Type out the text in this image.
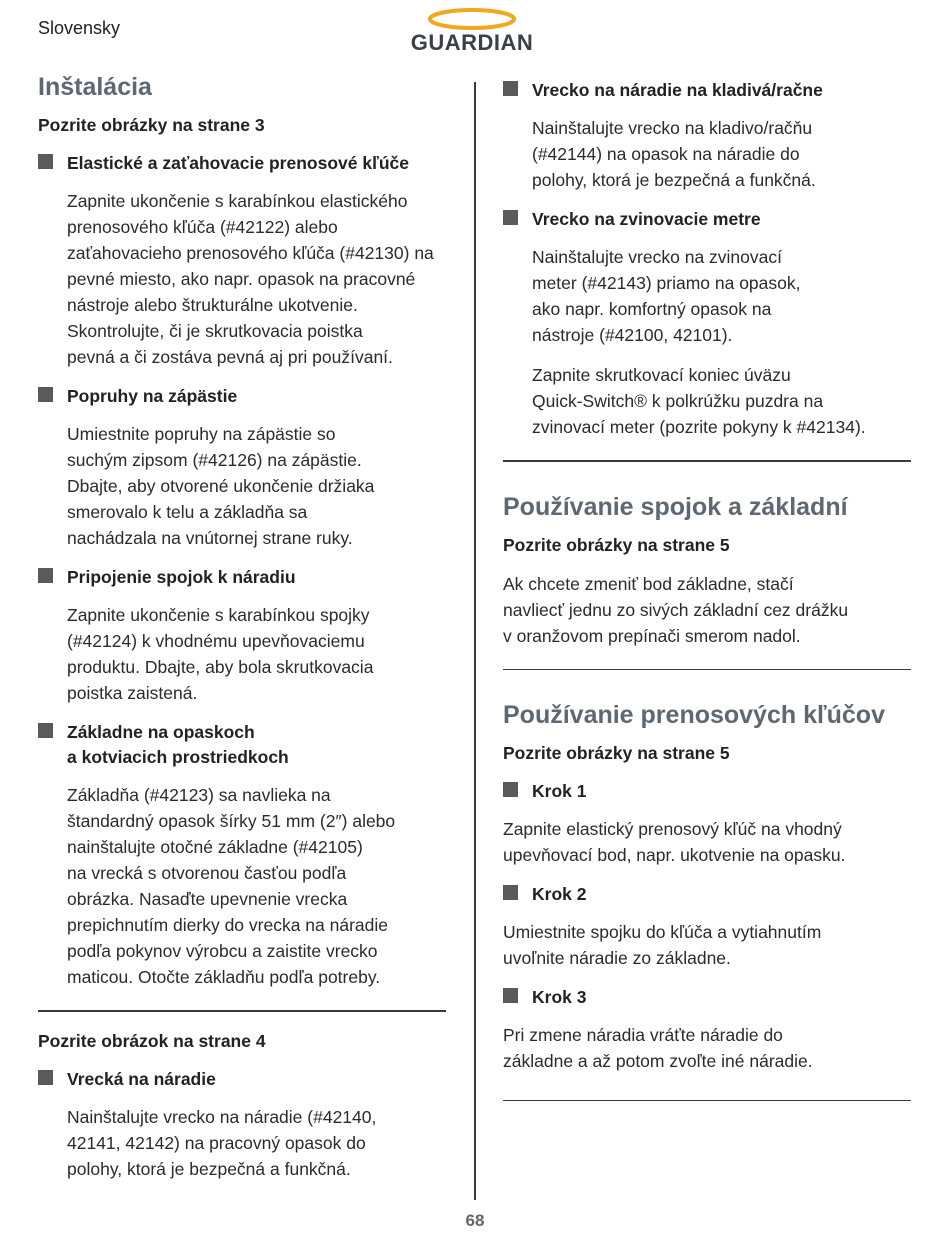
Slovensky
GUARDIAN
Inštalácia
Pozrite obrázky na strane 3
Elastické a zaťahovacie prenosové kľúče
Zapnite ukončenie s karabínkou elastického
prenosového kľúča (#42122) alebo
zaťahovacieho prenosového kľúča (#42130) na
pevné miesto, ako napr. opasok na pracovné
nástroje alebo štrukturálne ukotvenie.
Skontrolujte, či je skrutkovacia poistka
pevná a či zostáva pevná aj pri používaní.
Popruhy na zápästie
Umiestnite popruhy na zápästie so
suchým zipsom (#42126) na zápästie.
Dbajte, aby otvorené ukončenie držiaka
smerovalo k telu a základňa sa
nachádzala na vnútornej strane ruky.
Pripojenie spojok k náradiu
Zapnite ukončenie s karabínkou spojky
(#42124) k vhodnému upevňovaciemu
produktu. Dbajte, aby bola skrutkovacia
poistka zaistená.
Základne na opaskoch
a kotviacich prostriedkoch
Základňa (#42123) sa navlieka na
štandardný opasok šírky 51 mm (2″) alebo
nainštalujte otočné základne (#42105)
na vrecká s otvorenou časťou podľa
obrázka. Nasaďte upevnenie vrecka
prepichnutím dierky do vrecka na náradie
podľa pokynov výrobcu a zaistite vrecko
maticou. Otočte základňu podľa potreby.
Pozrite obrázok na strane 4
Vrecká na náradie
Nainštalujte vrecko na náradie (#42140,
42141, 42142) na pracovný opasok do
polohy, ktorá je bezpečná a funkčná.
Vrecko na náradie na kladivá/račne
Nainštalujte vrecko na kladivo/račňu
(#42144) na opasok na náradie do
polohy, ktorá je bezpečná a funkčná.
Vrecko na zvinovacie metre
Nainštalujte vrecko na zvinovací
meter (#42143) priamo na opasok,
ako napr. komfortný opasok na
nástroje (#42100, 42101).
Zapnite skrutkovací koniec úväzu
Quick-Switch® k polkrúžku puzdra na
zvinovací meter (pozrite pokyny k #42134).
Používanie spojok a základní
Pozrite obrázky na strane 5
Ak chcete zmeniť bod základne, stačí
navliecť jednu zo sivých základní cez drážku
v oranžovom prepínači smerom nadol.
Používanie prenosových kľúčov
Pozrite obrázky na strane 5
Krok 1
Zapnite elastický prenosový kľúč na vhodný
upevňovací bod, napr. ukotvenie na opasku.
Krok 2
Umiestnite spojku do kľúča a vytiahnutím
uvoľnite náradie zo základne.
Krok 3
Pri zmene náradia vráťte náradie do
základne a až potom zvoľte iné náradie.
68
